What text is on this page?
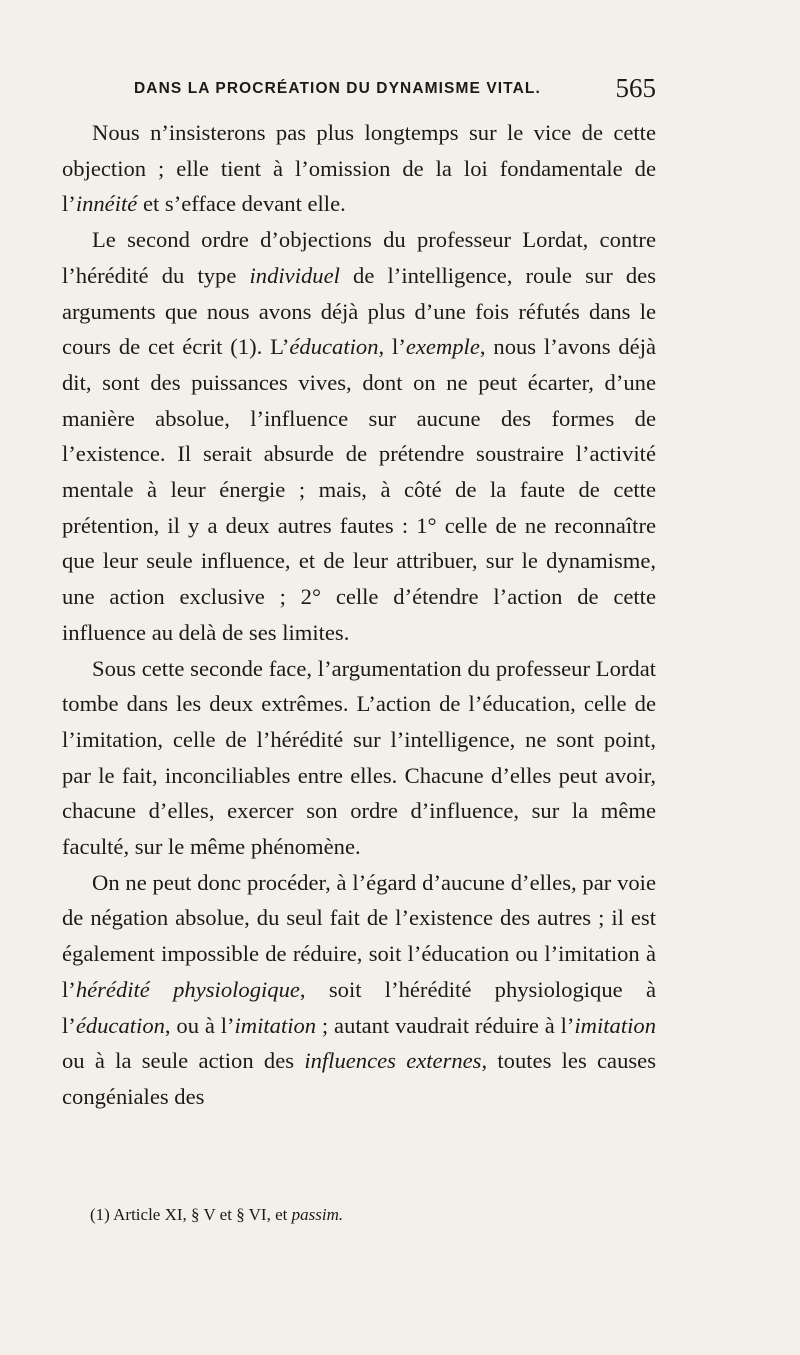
DANS LA PROCRÉATION DU DYNAMISME VITAL.	565

Nous n’insisterons pas plus longtemps sur le vice de cette objection ; elle tient à l’omission de la loi fondamentale de l’innéité et s’efface devant elle.

Le second ordre d’objections du professeur Lordat, contre l’hérédité du type individuel de l’intelligence, roule sur des arguments que nous avons déjà plus d’une fois réfutés dans le cours de cet écrit (1). L’éducation, l’exemple, nous l’avons déjà dit, sont des puissances vives, dont on ne peut écarter, d’une manière absolue, l’influence sur aucune des formes de l’existence. Il serait absurde de prétendre soustraire l’activité mentale à leur énergie ; mais, à côté de la faute de cette prétention, il y a deux autres fautes : 1° celle de ne reconnaître que leur seule influence, et de leur attribuer, sur le dynamisme, une action exclusive ; 2° celle d’étendre l’action de cette influence au delà de ses limites.

Sous cette seconde face, l’argumentation du professeur Lordat tombe dans les deux extrêmes. L’action de l’éducation, celle de l’imitation, celle de l’hérédité sur l’intelligence, ne sont point, par le fait, inconciliables entre elles. Chacune d’elles peut avoir, chacune d’elles, exercer son ordre d’influence, sur la même faculté, sur le même phénomène.

On ne peut donc procéder, à l’égard d’aucune d’elles, par voie de négation absolue, du seul fait de l’existence des autres ; il est également impossible de réduire, soit l’éducation ou l’imitation à l’hérédité physiologique, soit l’hérédité physiologique à l’éducation, ou à l’imitation ; autant vaudrait réduire à l’imitation ou à la seule action des influences externes, toutes les causes congéniales des

(1) Article XI, § V et § VI, et passim.
